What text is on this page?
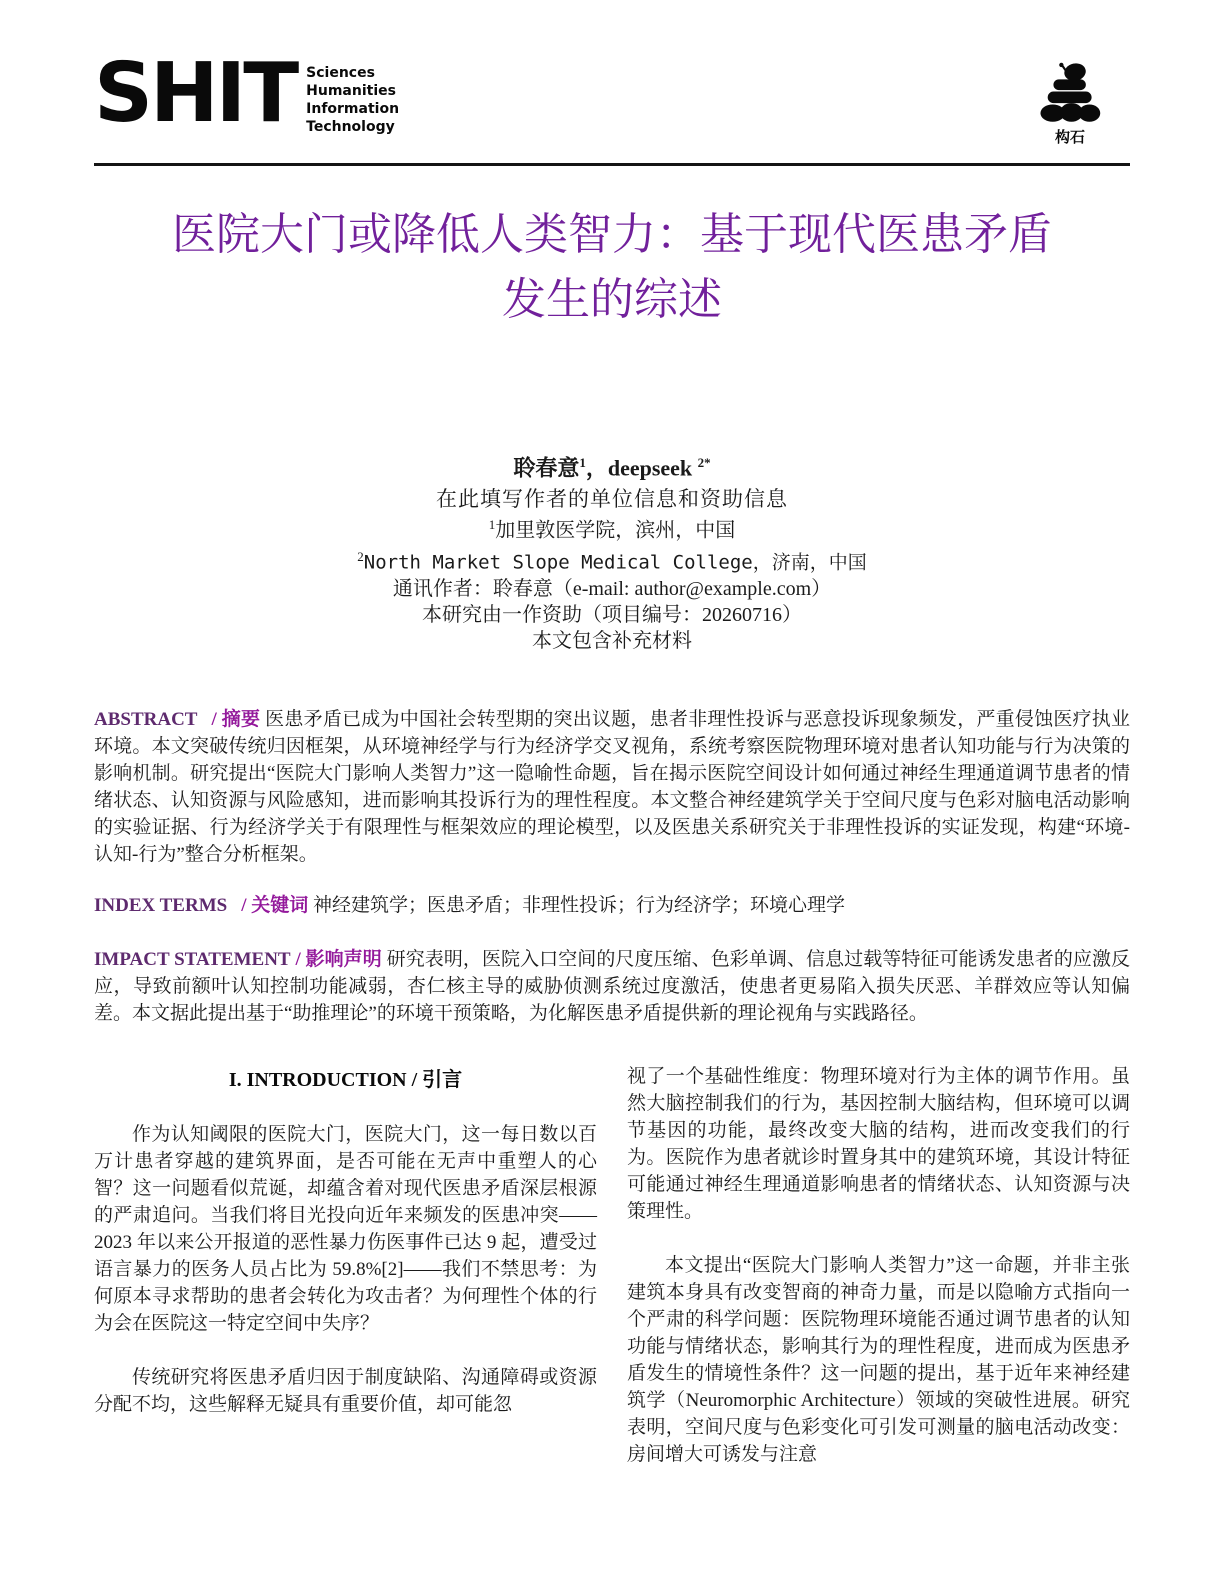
SHIT Sciences
Humanities
Information
Technology
构石
医院大门或降低人类智力：基于现代医患矛盾发生的综述
聆春意$^1$，deepseek $^{2*}$
在此填写作者的单位信息和资助信息
$^1$加里敦医学院，滨州，中国
$^2$North Market Slope Medical College，济南，中国
通讯作者：聆春意（e-mail: author@example.com）
本研究由一作资助（项目编号：20260716）
本文包含补充材料

ABSTRACT / 摘要 医患矛盾已成为中国社会转型期的突出议题，患者非理性投诉与恶意投诉现象频发，严重侵蚀医疗执业环境。本文突破传统归因框架，从环境神经学与行为经济学交叉视角，系统考察医院物理环境对患者认知功能与行为决策的影响机制。研究提出“医院大门影响人类智力”这一隐喻性命题，旨在揭示医院空间设计如何通过神经生理通道调节患者的情绪状态、认知资源与风险感知，进而影响其投诉行为的理性程度。本文整合神经建筑学关于空间尺度与色彩对脑电活动影响的实验证据、行为经济学关于有限理性与框架效应的理论模型，以及医患关系研究关于非理性投诉的实证发现，构建“环境-认知-行为”整合分析框架。

INDEX TERMS / 关键词 神经建筑学；医患矛盾；非理性投诉；行为经济学；环境心理学

IMPACT STATEMENT / 影响声明 研究表明，医院入口空间的尺度压缩、色彩单调、信息过载等特征可能诱发患者的应激反应，导致前额叶认知控制功能减弱，杏仁核主导的威胁侦测系统过度激活，使患者更易陷入损失厌恶、羊群效应等认知偏差。本文据此提出基于“助推理论”的环境干预策略，为化解医患矛盾提供新的理论视角与实践路径。

I. INTRODUCTION / 引言

作为认知阈限的医院大门，医院大门，这一每日数以百万计患者穿越的建筑界面，是否可能在无声中重塑人的心智？这一问题看似荒诞，却蕴含着对现代医患矛盾深层根源的严肃追问。当我们将目光投向近年来频发的医患冲突——2023 年以来公开报道的恶性暴力伤医事件已达 9 起，遭受过语言暴力的医务人员占比为 59.8%[2]——我们不禁思考：为何原本寻求帮助的患者会转化为攻击者？为何理性个体的行为会在医院这一特定空间中失序？

传统研究将医患矛盾归因于制度缺陷、沟通障碍或资源分配不均，这些解释无疑具有重要价值，却可能忽

视了一个基础性维度：物理环境对行为主体的调节作用。虽然大脑控制我们的行为，基因控制大脑结构，但环境可以调节基因的功能，最终改变大脑的结构，进而改变我们的行为。医院作为患者就诊时置身其中的建筑环境，其设计特征可能通过神经生理通道影响患者的情绪状态、认知资源与决策理性。

本文提出“医院大门影响人类智力”这一命题，并非主张建筑本身具有改变智商的神奇力量，而是以隐喻方式指向一个严肃的科学问题：医院物理环境能否通过调节患者的认知功能与情绪状态，影响其行为的理性程度，进而成为医患矛盾发生的情境性条件？这一问题的提出，基于近年来神经建筑学（Neuromorphic Architecture）领域的突破性进展。研究表明，空间尺度与色彩变化可引发可测量的脑电活动改变：房间增大可诱发与注意
